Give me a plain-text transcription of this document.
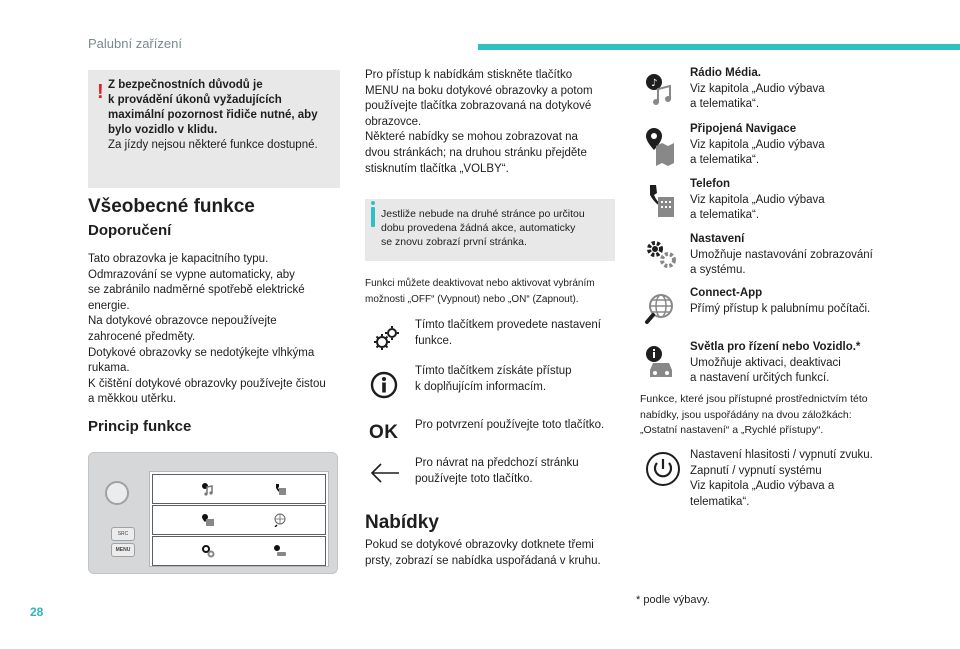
Palubní zařízení
28
! Z bezpečnostních důvodů je
k provádění úkonů vyžadujících
maximální pozornost řidiče nutné, aby
bylo vozidlo v klidu.
Za jízdy nejsou některé funkce dostupné.
Všeobecné funkce
Doporučení
Tato obrazovka je kapacitního typu.
Odmrazování se vypne automaticky, aby
se zabránilo nadměrné spotřebě elektrické
energie.
Na dotykové obrazovce nepoužívejte
zahrocené předměty.
Dotykové obrazovky se nedotýkejte vlhkýma
rukama.
K čištění dotykové obrazovky používejte čistou
a měkkou utěrku.
Princip funkce
SRC
MENU
Pro přístup k nabídkám stiskněte tlačítko
MENU na boku dotykové obrazovky a potom
používejte tlačítka zobrazovaná na dotykové
obrazovce.
Některé nabídky se mohou zobrazovat na
dvou stránkách; na druhou stránku přejděte
stisknutím tlačítka „VOLBY“.
Jestliže nebude na druhé stránce po určitou
dobu provedena žádná akce, automaticky
se znovu zobrazí první stránka.
Funkci můžete deaktivovat nebo aktivovat vybráním
možnosti „OFF“ (Vypnout) nebo „ON“ (Zapnout).
Tímto tlačítkem provedete nastavení
funkce.
Tímto tlačítkem získáte přístup
k doplňujícím informacím.
OK Pro potvrzení používejte toto tlačítko.
Pro návrat na předchozí stránku
používejte toto tlačítko.
Nabídky
Pokud se dotykové obrazovky dotknete třemi
prsty, zobrazí se nabídka uspořádaná v kruhu.
♪
Rádio Média.
Viz kapitola „Audio výbava
a telematika“.
Připojená Navigace
Viz kapitola „Audio výbava
a telematika“.
Telefon
Viz kapitola „Audio výbava
a telematika“.
Nastavení
Umožňuje nastavování zobrazování
a systému.
Connect-App
Přímý přístup k palubnímu počítači.
Světla pro řízení nebo Vozidlo.*
Umožňuje aktivaci, deaktivaci
a nastavení určitých funkcí.
Funkce, které jsou přístupné prostřednictvím této
nabídky, jsou uspořádány na dvou záložkách:
„Ostatní nastavení“ a „Rychlé přístupy“.
Nastavení hlasitosti / vypnutí zvuku.
Zapnutí / vypnutí systému
Viz kapitola „Audio výbava a
telematika“.
* podle výbavy.
